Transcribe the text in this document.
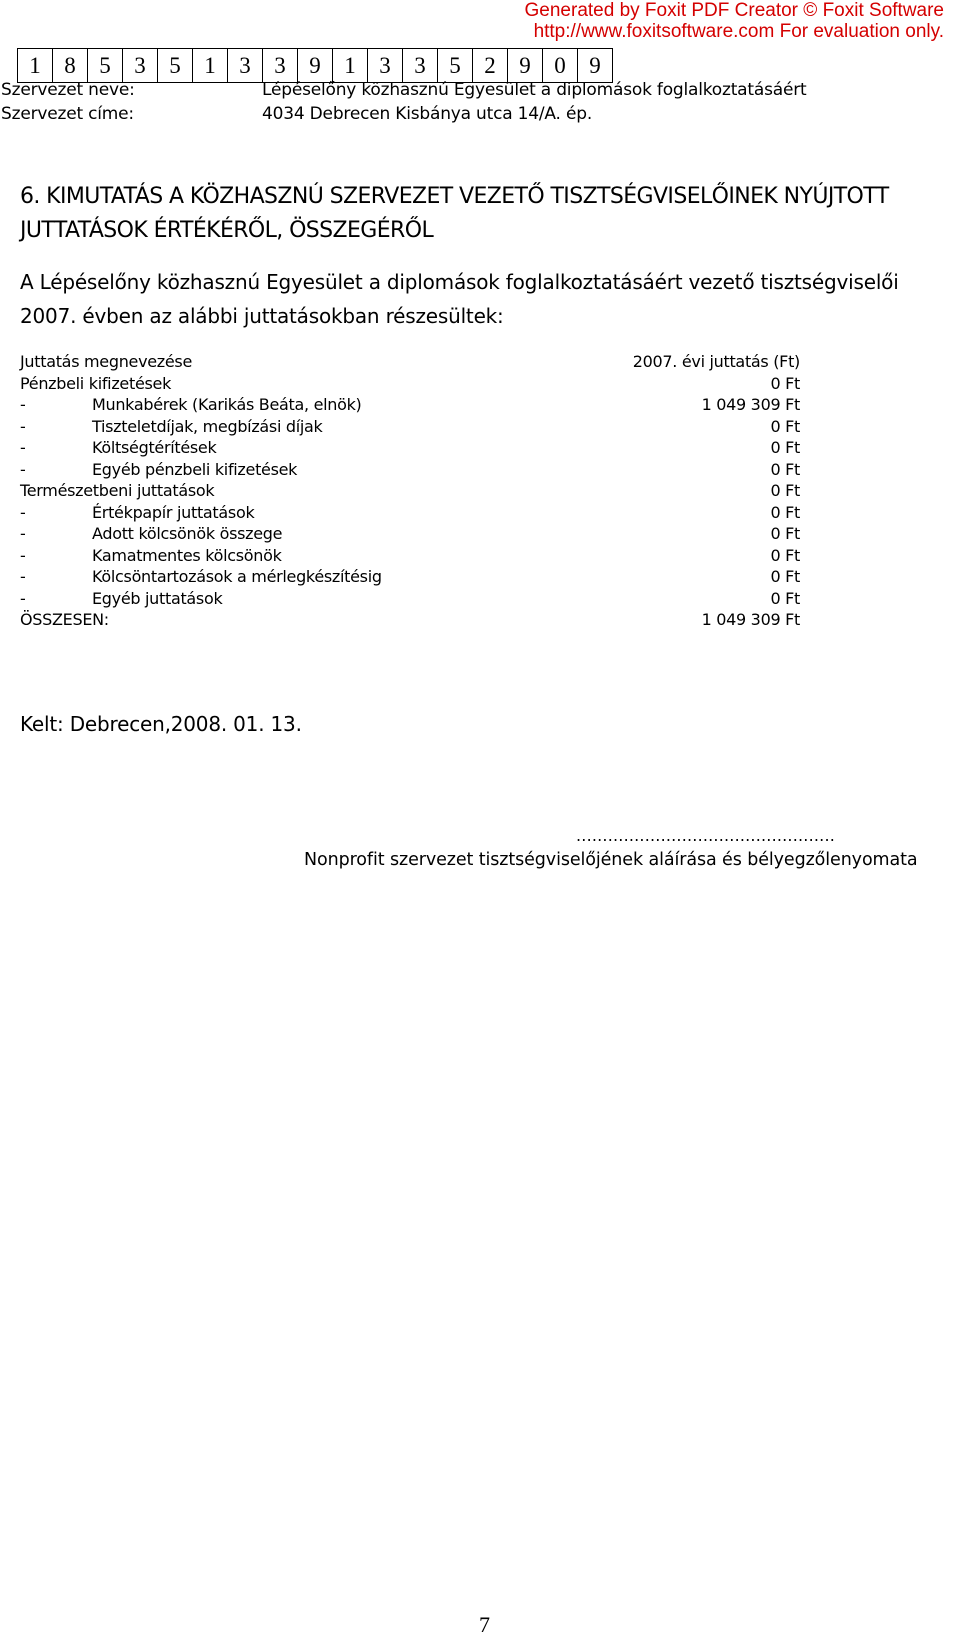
Generated by Foxit PDF Creator © Foxit Software
http://www.foxitsoftware.com For evaluation only.
1	8	5	3	5	1	3	3	9	1	3	3	5	2	9	0	9
Szervezet neve:	Lépéselőny közhasznú Egyesület a diplomások foglalkoztatásáért
Szervezet címe:	4034 Debrecen Kisbánya utca 14/A. ép.
6. KIMUTATÁS A KÖZHASZNÚ SZERVEZET VEZETŐ TISZTSÉGVISELŐINEK NYÚJTOTT JUTTATÁSOK ÉRTÉKÉRŐL, ÖSSZEGÉRŐL
A Lépéselőny közhasznú Egyesület a diplomások foglalkoztatásáért vezető tisztségviselői 2007. évben az alábbi juttatásokban részesültek:
Juttatás megnevezése	2007. évi juttatás (Ft)
Pénzbeli kifizetések	0 Ft
-	Munkabérek (Karikás Beáta, elnök)	1 049 309 Ft
-	Tiszteletdíjak, megbízási díjak	0 Ft
-	Költségtérítések	0 Ft
-	Egyéb pénzbeli kifizetések	0 Ft
Természetbeni juttatások	0 Ft
-	Értékpapír juttatások	0 Ft
-	Adott kölcsönök összege	0 Ft
-	Kamatmentes kölcsönök	0 Ft
-	Kölcsöntartozások a mérlegkészítésig	0 Ft
-	Egyéb juttatások	0 Ft
ÖSSZESEN:	1 049 309 Ft
Kelt: Debrecen,2008. 01. 13.
.................................................
Nonprofit szervezet tisztségviselőjének aláírása és bélyegzőlenyomata
7
